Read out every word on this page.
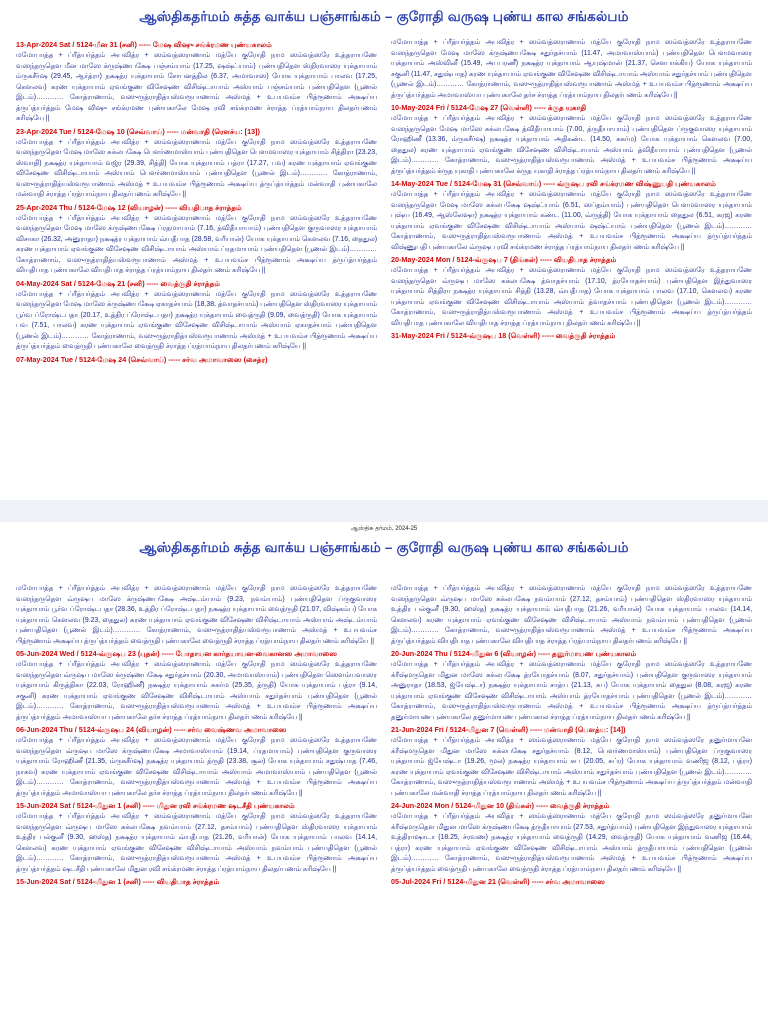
ஆஸ்திகதர்மம் சுத்த வாக்ய பஞ்சாங்கம் – குரோதி வருஷ புண்ய கால சங்கல்பம்
13-Apr-2024 Sat / 5124-மீன 31 (சனி) ----- மேஷ விஷு சங்க்ரமண புண்யகாலம்
மமோபாத்த + ப்ரீத்யர்த்தம் அபவித்ர + ஸம்வத்ஸராணாம் மத்யே குரோதி நாம ஸம்வத்ஸரே உத்தராயணே வஸந்தருதௌ மீன மாஸே க்ருஷ்ணபக்ஷே பஞ்சம்யாம் (17.25, ஷஷ்ட்யாம்) புண்யதிதௌ ஸ்திரவாஸர யுக்தாயாம் ம்ருகசீர்ஷ (29.45, ஆர்த்ரா) நக்ஷத்ர யுக்தாயாம் சோபனத்தில (6.37, அமாவாஸ) யோக யுக்தாயாம் பாலவ (17.25, கௌலவ) கரண யுக்தாயாம் ஏவங்குண விசேஷண விசிஷ்டாயாம் அஸ்யாம் பஞ்சம்யாம் புண்யதிதௌ (பூணல் இடம்)………… கோத்ராணாம், வஸுருத்ராதித்யஸ்வரூபாணாம் அஸ்மத் + உபயவம்ச பித்ரூணாம் அக்ஷய்ய த்ருப்த்யர்த்தம் மேஷ விஷு சங்க்ரமண புண்யகாலே மேஷ ரவி சங்க்ரமண ச்ராத்த ப்ரத்யாம்நாய திலதர்பணம் கரிஷ்யே ||
23-Apr-2024 Tue / 5124-மேஷ 10 (செவ்வாய்) ----- மன்வாதி (ரௌச்ய: [13])
மமோபாத்த + ப்ரீத்யர்த்தம் அபவித்ர + ஸம்வத்ஸராணாம் மத்யே குரோதி நாம ஸம்வத்ஸரே உத்தராயணே வஸந்தருதௌ மேஷ மாஸே சுக்லபக்ஷே பௌர்ணமாஸ்யாம் புண்யதிதௌ பௌமவாஸர யுக்தாயாம் சித்திரா (23.23, ஸ்வாதி) நக்ஷத்ர யுக்தாயாம் வஜ்ர (29.39, சித்தி) யோக யுக்தாயாம் பத்ரா (17.27, பவ) கரண யுக்தாயாம் ஏவங்குண விசேஷண விசிஷ்டாயாம் அஸ்யாம் பௌர்ணமாஸ்யாம் புண்யதிதௌ (பூணல் இடம்)………… கோத்ராணாம், வஸுருத்ராதித்யஸ்வரூபாணாம் அஸ்மத் + உபயவம்ச பித்ரூணாம் அக்ஷய்ய த்ருப்த்யர்த்தம் மன்வாதி புண்யகாலே மன்வாதி ச்ராத்த ப்ரத்யாம்நாய திலதர்பணம் கரிஷ்யே ||
25-Apr-2024 Thu / 5124-மேஷ 12 (வியாழன்) ----- வியதிபாத ச்ராத்தம்
மமோபாத்த + ப்ரீத்யர்த்தம் அபவித்ர + ஸம்வத்ஸராணாம் மத்யே குரோதி நாம ஸம்வத்ஸரே உத்தராயணே வஸந்தருதௌ மேஷ மாஸே க்ருஷ்ணபக்ஷே ப்ரதமாயாம் (7.16, த்விதீயாயாம்) புண்யதிதௌ குருவாஸர யுக்தாயாம் விசாகா (26.32, அனுராதா) நக்ஷத்ர யுக்தாயாம் வ்யதீபாத (28.58, வரீயான்) யோக யுக்தாயாம் கௌலவ (7.16, தைதுல) கரண யுக்தாயாம் ஏவங்குண விசேஷண விசிஷ்டாயாம் அஸ்யாம் ப்ரதமாயாம் புண்யதிதௌ (பூணல் இடம்)………… கோத்ராணாம், வஸுருத்ராதித்யஸ்வரூபாணாம் அஸ்மத் + உபயவம்ச பித்ரூணாம் அக்ஷய்ய த்ருப்த்யர்த்தம் வியதிபாத புண்யகாலே வியதிபாத ச்ராத்த ப்ரத்யாம்நாய திலதர்பணம் கரிஷ்யே ||
04-May-2024 Sat / 5124-மேஷ 21 (சனி) ----- வைத்ருதி ச்ராத்தம்
மமோபாத்த + ப்ரீத்யர்த்தம் அபவித்ர + ஸம்வத்ஸராணாம் மத்யே குரோதி நாம ஸம்வத்ஸரே உத்தராயணே வஸந்தருதௌ மேஷ மாஸே க்ருஷ்ணபக்ஷே ஏகாதச்யாம் (18.38, த்வாதச்யாம்) புண்யதிதௌ ஸ்திரவாஸர யுக்தாயாம் பூர்வ ப்ரோஷ்டபதா (20.17, உத்திர ப்ரோஷ்டபதா) நக்ஷத்ர யுக்தாயாம் வைத்ருதி (9.09, வைத்ருதி) யோக யுக்தாயாம் பவ (7.51, பாலவ) கரண யுக்தாயாம் ஏவங்குண விசேஷண விசிஷ்டாயாம் அஸ்யாம் ஏகாதச்யாம் புண்யதிதௌ (பூணல் இடம்)………… கோத்ராணாம், வஸுருத்ராதித்யஸ்வரூபாணாம் அஸ்மத் + உபயவம்ச பித்ரூணாம் அக்ஷய்ய த்ருப்த்யர்த்தம் வைத்ருதி புண்யகாலே வைத்ருதி ச்ராத்த ப்ரத்யாம்நாய திலதர்பணம் கரிஷ்யே ||
07-May-2024 Tue / 5124-மேஷ 24 (செவ்வாய்) ----- சர்வ அமாவாஸை (சைத்ர)
மமோபாத்த + ப்ரீத்யர்த்தம் அபவித்ர + ஸம்வத்ஸராணாம் மத்யே குரோதி நாம ஸம்வத்ஸரே உத்தராயணே வஸந்தருதௌ மேஷ மாஸே க்ருஷ்ணபக்ஷே சதுர்தச்யாம் (11.47, அமாவாஸ்யாம்) புண்யதிதௌ பௌமவாஸர யுக்தாயாம் அஸ்வினீ (15.49, அபபரணீ) நக்ஷத்ர யுக்தாயாம் ஆயுஷ்மான் (21.37, சௌபாக்கிய) யோக யுக்தாயாம் சகுனி (11.47, சதுஷ்பாத) கரண யுக்தாயாம் ஏவங்குண விசேஷண விசிஷ்டாயாம் அஸ்யாம் சதுர்தச்யாம் புண்யதிதௌ (பூணல் இடம்)………… கோத்ராணாம், வஸுருத்ராதித்யஸ்வரூபாணாம் அஸ்மத் + உபயவம்ச பித்ரூணாம் அக்ஷய்ய த்ருப்த்யர்த்தம் அமாவாஸ்யா புண்யகாலே தர்ச ச்ராத்த ப்ரத்யாம்நாய திலதர்பணம் கரிஷ்யே ||
10-May-2024 Fri / 5124-மேஷ 27 (வெள்ளி) ----- க்ருத யுகாதி
மமோபாத்த + ப்ரீத்யர்த்தம் அபவித்ர + ஸம்வத்ஸராணாம் மத்யே குரோதி நாம ஸம்வத்ஸரே உத்தராயணே வஸந்தருதௌ மேஷ மாஸே சுக்லபக்ஷே த்விதீயாயாம் (7.00, த்ருதீயாயாம்) புண்யதிதௌ ப்ருகுவாஸர யுக்தாயாம் ரோஹிணீ (13.36, ம்ருகசீர்ஷ) நக்ஷத்ர யுக்தாயாம் அதிகண்ட (14.50, சுகர்ம) யோக யுக்தாயாம் கௌலவ (7.00, தைதுல) கரண யுக்தாயாம் ஏவங்குண விசேஷண விசிஷ்டாயாம் அஸ்யாம் த்விதீயாயாம் புண்யதிதௌ (பூணல் இடம்)………… கோத்ராணாம், வஸுருத்ராதித்யஸ்வரூபாணாம் அஸ்மத் + உபயவம்ச பித்ரூணாம் அக்ஷய்ய த்ருப்த்யர்த்தம் க்ருத யுகாதி புண்யகாலே க்ருத யுகாதி ச்ராத்த ப்ரத்யாம்நாய திலதர்பணம் கரிஷ்யே ||
14-May-2024 Tue / 5124-மேஷ 31 (செவ்வாய்) ----- வ்ருஷப ரவி சங்க்ரமண விஷ்ணுபதி புண்யகாலம்
மமோபாத்த + ப்ரீத்யர்த்தம் அபவித்ர + ஸம்வத்ஸராணாம் மத்யே குரோதி நாம ஸம்வத்ஸரே உத்தராயணே வஸந்தருதௌ மேஷ மாஸே சுக்லபக்ஷே ஷஷ்ட்யாம் (6.51, ஸப்தம்யாம்) புண்யதிதௌ பௌமவாஸர யுக்தாயாம் புஷ்ய (16.49, ஆஸ்லேஷா) நக்ஷத்ர யுக்தாயாம் கண்ட (11.00, வ்ருத்தி) யோக யுக்தாயாம் தைதுல (6.51, கரஜ) கரண யுக்தாயாம் ஏவங்குண விசேஷண விசிஷ்டாயாம் அஸ்யாம் ஷஷ்ட்யாம் புண்யதிதௌ (பூணல் இடம்)………… கோத்ராணாம், வஸுருத்ராதித்யஸ்வரூபாணாம் அஸ்மத் + உபயவம்ச பித்ரூணாம் அக்ஷய்ய த்ருப்த்யர்த்தம் விஷ்ணுபதி புண்யகாலே வ்ருஷப ரவி சங்க்ரமண ச்ராத்த ப்ரத்யாம்நாய திலதர்பணம் கரிஷ்யே ||
20-May-2024 Mon / 5124-வ்ருஷப 7 (திங்கள்) ----- வியதிபாத ச்ராத்தம்
மமோபாத்த + ப்ரீத்யர்த்தம் அபவித்ர + ஸம்வத்ஸராணாம் மத்யே குரோதி நாம ஸம்வத்ஸரே உத்தராயணே வஸந்தருதௌ வ்ருஷப மாஸே சுக்லபக்ஷே த்வாதச்யாம் (17.10, த்ரயோதச்யாம்) புண்யதிதௌ இந்துவாஸர யுக்தாயாம் சித்திரா நக்ஷத்ர யுக்தாயாம் சித்தி (13.28, வ்யதீபாத) யோக யுக்தாயாம் பாலவ (17.10, கௌலவ) கரண யுக்தாயாம் ஏவங்குண விசேஷண விசிஷ்டாயாம் அஸ்யாம் த்வாதச்யாம் புண்யதிதௌ (பூணல் இடம்)………… கோத்ராணாம், வஸுருத்ராதித்யஸ்வரூபாணாம் அஸ்மத் + உபயவம்ச பித்ரூணாம் அக்ஷய்ய த்ருப்த்யர்த்தம் வியதிபாத புண்யகாலே வியதிபாத ச்ராத்த ப்ரத்யாம்நாய திலதர்பணம் கரிஷ்யே ||
31-May-2024 Fri / 5124-வ்ருஷப 18 (வெள்ளி) ----- வைத்ருதி ச்ராத்தம்
ஆஸ்திக தர்மம், 2024-25
ஆஸ்திகதர்மம் சுத்த வாக்ய பஞ்சாங்கம் – குரோதி வருஷ புண்ய கால சங்கல்பம்
மமோபாத்த + ப்ரீத்யர்த்தம் அபவித்ர + ஸம்வத்ஸராணாம் மத்யே குரோதி நாம ஸம்வத்ஸரே உத்தராயணே வஸந்தருதௌ வ்ருஷப மாஸே க்ருஷ்ணபக்ஷே அஷ்டம்யாம் (9.23, நவம்யாம்) புண்யதிதௌ ப்ருகுவாஸர யுக்தாயாம் பூர்வ ப்ரோஷ்டபதா (28.36, உத்திர ப்ரோஷ்டபதா) நக்ஷத்ர யுக்தாயாம் வைத்ருதி (21.07, விஷ்கம்ப) யோக யுக்தாயாம் கௌலவ (9.23, தைதுல) கரண யுக்தாயாம் ஏவங்குண விசேஷண விசிஷ்டாயாம் அஸ்யாம் அஷ்டம்யாம் புண்யதிதௌ (பூணல் இடம்)………… கோத்ராணாம், வஸுருத்ராதித்யஸ்வரூபாணாம் அஸ்மத் + உபயவம்ச பித்ரூணாம் அக்ஷய்ய த்ருப்த்யர்த்தம் வைத்ருதி புண்யகாலே வைத்ருதி ச்ராத்த ப்ரத்யாம்நாய திலதர்பணம் கரிஷ்யே ||
05-Jun-2024 Wed / 5124-வ்ருஷப 23 (புதன்) ----- போதாயன கார்தயாயன-வைகானஸ அமாவாஸை
மமோபாத்த + ப்ரீத்யர்த்தம் அபவித்ர + ஸம்வத்ஸராணாம் மத்யே குரோதி நாம ஸம்வத்ஸரே உத்தராயணே வஸந்தருதௌ வ்ருஷப மாஸே க்ருஷ்ணபக்ஷே சதுர்தச்யாம் (20.30, அமாவாஸ்யாம்) புண்யதிதௌ ஸௌம்யவாஸர யுக்தாயாம் கிருத்திகா (22.03, ரோஹிணீ) நக்ஷத்ர யுக்தாயாம் சுகர்ம (25.35, த்ருதி) யோக யுக்தாயாம் பத்ரா (9.14, சகுனி) கரண யுக்தாயாம் ஏவங்குண விசேஷண விசிஷ்டாயாம் அஸ்யாம் சதுர்தச்யாம் புண்யதிதௌ (பூணல் இடம்)………… கோத்ராணாம், வஸுருத்ராதித்யஸ்வரூபாணாம் அஸ்மத் + உபயவம்ச பித்ரூணாம் அக்ஷய்ய த்ருப்த்யர்த்தம் அமாவாஸ்யா புண்யகாலே தர்ச ச்ராத்த ப்ரத்யாம்நாய திலதர்பணம் கரிஷ்யே ||
06-Jun-2024 Thu / 5124-வ்ருஷப 24 (வியாழன்) ----- சர்வ வைஷ்ணவ அமாவாஸை
மமோபாத்த + ப்ரீத்யர்த்தம் அபவித்ர + ஸம்வத்ஸராணாம் மத்யே குரோதி நாம ஸம்வத்ஸரே உத்தராயணே வஸந்தருதௌ வ்ருஷப மாஸே க்ருஷ்ணபக்ஷே அமாவாஸ்யாம் (19.14, ப்ரதமாயாம்) புண்யதிதௌ குருவாஸர யுக்தாயாம் ரோஹிணீ (21.35, ம்ருகசீர்ஷ) நக்ஷத்ர யுக்தாயாம் த்ருதி (23.38, சூல) யோக யுக்தாயாம் சதுஷ்பாத (7.46, நாகவ) கரண யுக்தாயாம் ஏவங்குண விசேஷண விசிஷ்டாயாம் அஸ்யாம் அமாவாஸ்யாம் புண்யதிதௌ (பூணல் இடம்)………… கோத்ராணாம், வஸுருத்ராதித்யஸ்வரூபாணாம் அஸ்மத் + உபயவம்ச பித்ரூணாம் அக்ஷய்ய த்ருப்த்யர்த்தம் அமாவாஸ்யா புண்யகாலே தர்ச ச்ராத்த ப்ரத்யாம்நாய திலதர்பணம் கரிஷ்யே ||
15-Jun-2024 Sat / 5124-மிதுன 1 (சனி) ----- மிதுன ரவி சங்க்ரமண ஷடசீதி புண்யகாலம்
மமோபாத்த + ப்ரீத்யர்த்தம் அபவித்ர + ஸம்வத்ஸராணாம் மத்யே குரோதி நாம ஸம்வத்ஸரே உத்தராயணே வஸந்தருதௌ வ்ருஷப மாஸே சுக்லபக்ஷே நவம்யாம் (27.12, தசம்யாம்) புண்யதிதௌ ஸ்திரவாஸர யுக்தாயாம் உத்திர பல்குனீ (9.30, ஹஸ்த) நக்ஷத்ர யுக்தாயாம் வ்யதீபாத (21.26, வரீயான்) யோக யுக்தாயாம் பாலவ (14.14, கௌலவ) கரண யுக்தாயாம் ஏவங்குண விசேஷண விசிஷ்டாயாம் அஸ்யாம் நவம்யாம் புண்யதிதௌ (பூணல் இடம்)………… கோத்ராணாம், வஸுருத்ராதித்யஸ்வரூபாணாம் அஸ்மத் + உபயவம்ச பித்ரூணாம் அக்ஷய்ய த்ருப்த்யர்த்தம் ஷடசீதி புண்யகாலே மிதுன ரவி சங்க்ரமண ச்ராத்த ப்ரத்யாம்நாய திலதர்பணம் கரிஷ்யே ||
15-Jun-2024 Sat / 5124-மிதுன 1 (சனி) ----- வியதிபாத ச்ராத்தம்
மமோபாத்த + ப்ரீத்யர்த்தம் அபவித்ர + ஸம்வத்ஸராணாம் மத்யே குரோதி நாம ஸம்வத்ஸரே உத்தராயணே வஸந்தருதௌ வ்ருஷப மாஸே சுக்லபக்ஷே நவம்யாம் (27.12, தசம்யாம்) புண்யதிதௌ ஸ்திரவாஸர யுக்தாயாம் உத்திர பல்குனீ (9.30, ஹஸ்த) நக்ஷத்ர யுக்தாயாம் வ்யதீபாத (21.26, வரீயான்) யோக யுக்தாயாம் பாலவ (14.14, கௌலவ) கரண யுக்தாயாம் ஏவங்குண விசேஷண விசிஷ்டாயாம் அஸ்யாம் நவம்யாம் புண்யதிதௌ (பூணல் இடம்)………… கோத்ராணாம், வஸுருத்ராதித்யஸ்வரூபாணாம் அஸ்மத் + உபயவம்ச பித்ரூணாம் அக்ஷய்ய த்ருப்த்யர்த்தம் வியதிபாத புண்யகாலே வியதிபாத ச்ராத்த ப்ரத்யாம்நாய திலதர்பணம் கரிஷ்யே ||
20-Jun-2024 Thu / 5124-மிதுன 6 (வியாழன்) ----- தனுர்மாயண புண்யகாலம்
மமோபாத்த + ப்ரீத்யர்த்தம் அபவித்ர + ஸம்வத்ஸராணாம் மத்யே குரோதி நாம ஸம்வத்ஸரே உத்தராயணே க்ரீஷ்மருதௌ மிதுன மாஸே சுக்லபக்ஷே த்ரயோதச்யாம் (8.07, சதுர்தச்யாம்) புண்யதிதௌ குருவாஸர யுக்தாயாம் அனுராதா (18.53, ஜ்யேஷ்டா) நக்ஷத்ர யுக்தாயாம் சாத்ய (21.13, சுப) யோக யுக்தாயாம் தைதுல (8.08, கரஜ) கரண யுக்தாயாம் ஏவங்குண விசேஷண விசிஷ்டாயாம் அஸ்யாம் த்ரயோதச்யாம் புண்யதிதௌ (பூணல் இடம்)………… கோத்ராணாம், வஸுருத்ராதித்யஸ்வரூபாணாம் அஸ்மத் + உபயவம்ச பித்ரூணாம் அக்ஷய்ய த்ருப்த்யர்த்தம் தனுர்மாயண புண்யகாலே தனுர்மாயண புண்யகால ச்ராத்த ப்ரத்யாம்நாய திலதர்பணம் கரிஷ்யே ||
21-Jun-2024 Fri / 5124-மிதுன 7 (வெள்ளி) ----- மன்வாதி (பௌத்ய: [14])
மமோபாத்த + ப்ரீத்யர்த்தம் அபவித்ர + ஸம்வத்ஸராணாம் மத்யே குரோதி நாம ஸம்வத்ஸரே தனுர்மாயனே க்ரீஷ்மருதௌ மிதுன மாஸே சுக்லபக்ஷே சதுர்தச்யாம் (8.12, பௌர்ணமாஸ்யாம்) புண்யதிதௌ ப்ருகுவாஸர யுக்தாயாம் ஜ்யேஷ்டா (19.26, மூல) நக்ஷத்ர யுக்தாயாம் சுப (20.05, சுப்ர) யோக யுக்தாயாம் வணிஜ (8.12, பத்ரா) கரண யுக்தாயாம் ஏவங்குண விசேஷண விசிஷ்டாயாம் அஸ்யாம் சதுர்தச்யாம் புண்யதிதௌ (பூணல் இடம்)………… கோத்ராணாம், வஸுருத்ராதித்யஸ்வரூபாணாம் அஸ்மத் + உபயவம்ச பித்ரூணாம் அக்ஷய்ய த்ருப்த்யர்த்தம் மன்வாதி புண்யகாலே மன்வாதி ச்ராத்த ப்ரத்யாம்நாய திலதர்பணம் கரிஷ்யே ||
24-Jun-2024 Mon / 5124-மிதுன 10 (திங்கள்) ----- வைத்ருதி ச்ராத்தம்
மமோபாத்த + ப்ரீத்யர்த்தம் அபவித்ர + ஸம்வத்ஸராணாம் மத்யே குரோதி நாம ஸம்வத்ஸரே தனுர்மாயனே க்ரீஷ்மருதௌ மிதுன மாஸே க்ருஷ்ணபக்ஷே த்ருதீயாயாம் (27.53, சதுர்த்யாம்) புண்யதிதௌ இந்துவாஸர யுக்தாயாம் உத்திராஷாடா (18.25, ச்ரவண) நக்ஷத்ர யுக்தாயாம் வைத்ருதி (14.29, வைத்ருதி) யோக யுக்தாயாம் வணிஜ (16.44, பத்ரா) கரண யுக்தாயாம் ஏவங்குண விசேஷண விசிஷ்டாயாம் அஸ்யாம் த்ருதீயாயாம் புண்யதிதௌ (பூணல் இடம்)………… கோத்ராணாம், வஸுருத்ராதித்யஸ்வரூபாணாம் அஸ்மத் + உபயவம்ச பித்ரூணாம் அக்ஷய்ய த்ருப்த்யர்த்தம் வைத்ருதி புண்யகாலே வைத்ருதி ச்ராத்த ப்ரத்யாம்நாய திலதர்பணம் கரிஷ்யே ||
05-Jul-2024 Fri / 5124-மிதுன 21 (வெள்ளி) ----- சர்வ அமாவாஸை
